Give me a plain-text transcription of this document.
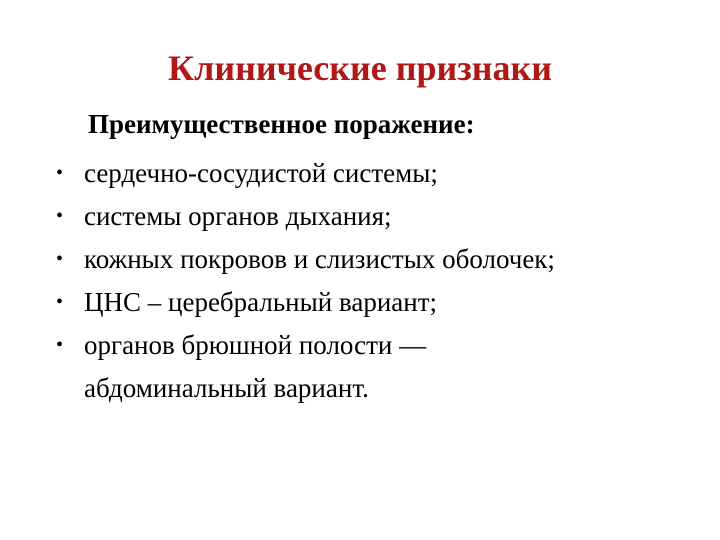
Клинические признаки

Преимущественное поражение:

• сердечно-сосудистой системы;
• системы органов дыхания;
• кожных покровов и слизистых оболочек;
• ЦНС – церебральный вариант;
• органов брюшной полости —
абдоминальный вариант.
